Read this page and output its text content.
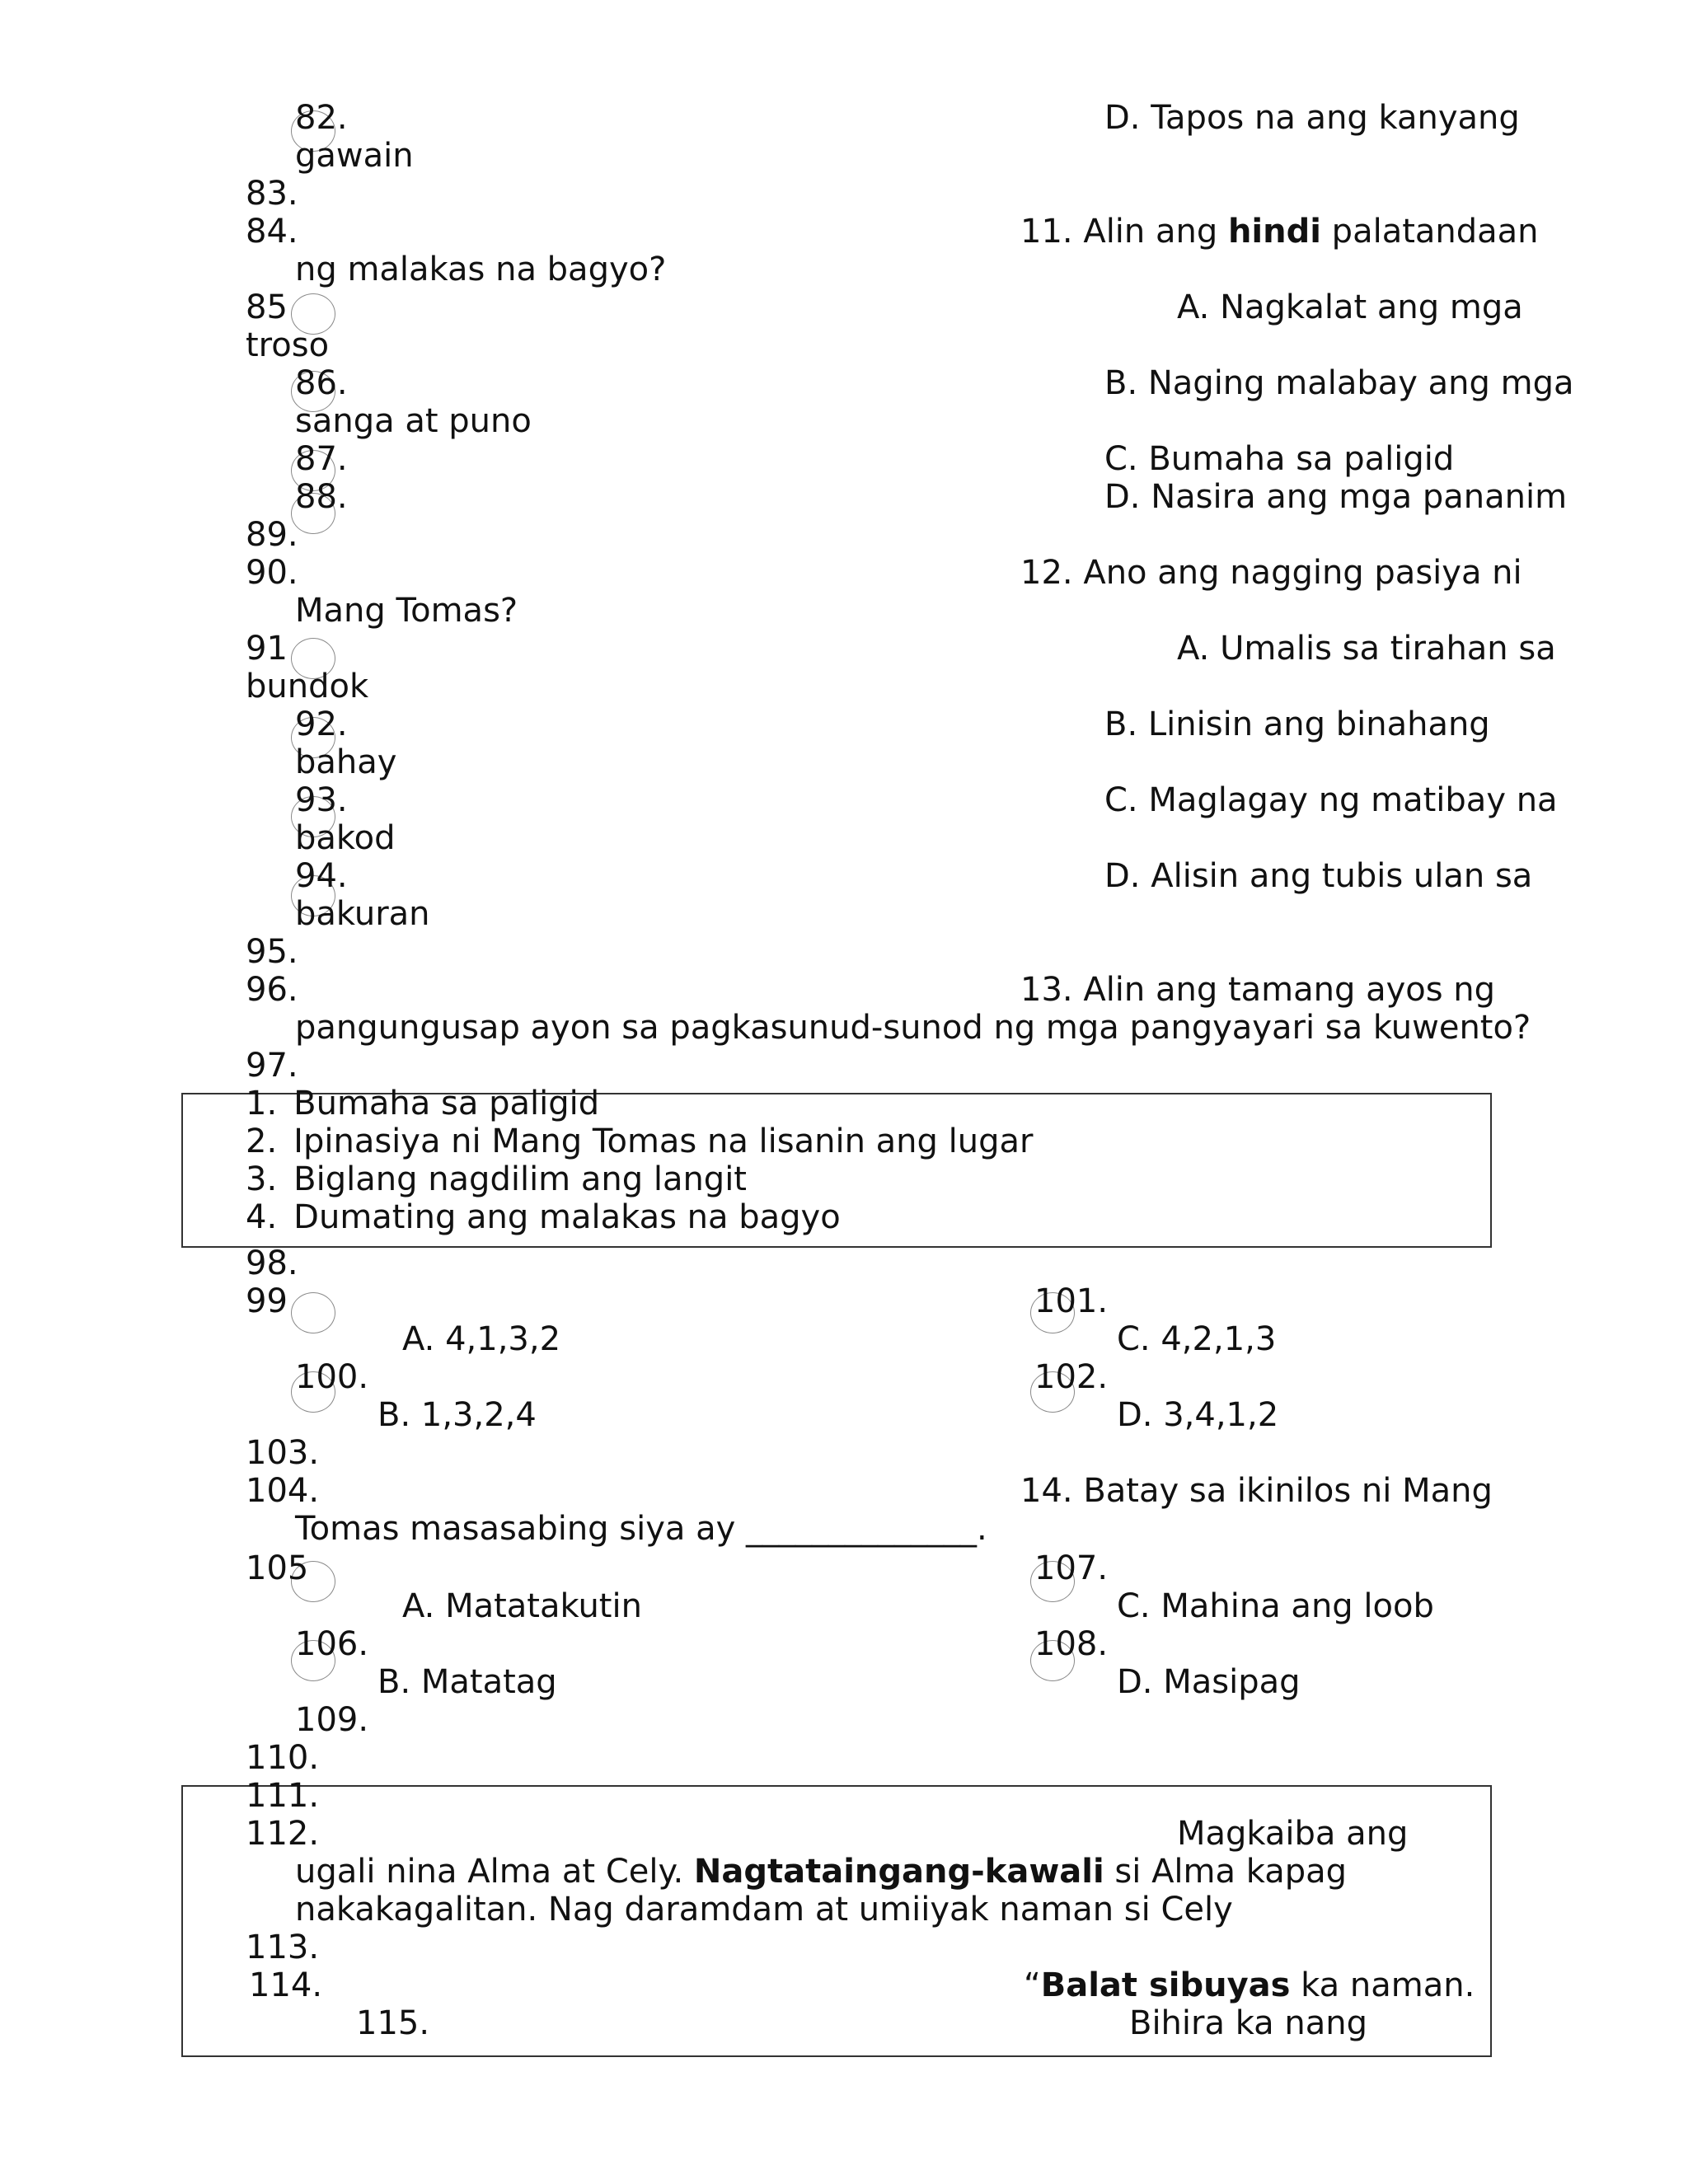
82.	D. Tapos na ang kanyang
gawain
83.
84.	11. Alin ang hindi palatandaan
ng malakas na bagyo?
85	A. Nagkalat ang mga
troso
86.	B. Naging malabay ang mga
sanga at puno
87.	C. Bumaha sa paligid
88.	D. Nasira ang mga pananim
89.
90.	12. Ano ang nagging pasiya ni
Mang Tomas?
91	A. Umalis sa tirahan sa
bundok
92.	B. Linisin ang binahang
bahay
93.	C. Maglagay ng matibay na
bakod
94.	D. Alisin ang tubis ulan sa
bakuran
95.
96.	13. Alin ang tamang ayos ng
pangungusap ayon sa pagkasunud-sunod ng mga pangyayari sa kuwento?
97.
1. Bumaha sa paligid
2. Ipinasiya ni Mang Tomas na lisanin ang lugar
3. Biglang nagdilim ang langit
4. Dumating ang malakas na bagyo
98.
99	101.
A. 4,1,3,2	C. 4,2,1,3
100.	102.
B. 1,3,2,4	D. 3,4,1,2
103.
104.	14. Batay sa ikinilos ni Mang
Tomas masasabing siya ay ______________.
105	107.
A. Matatakutin	C. Mahina ang loob
106.	108.
B. Matatag	D. Masipag
109.
110.
111.
112.	Magkaiba ang
ugali nina Alma at Cely. Nagtataingang-kawali si Alma kapag
nakakagalitan. Nag daramdam at umiiyak naman si Cely
113.
114.	“Balat sibuyas ka naman.
115.	Bihira ka nang
